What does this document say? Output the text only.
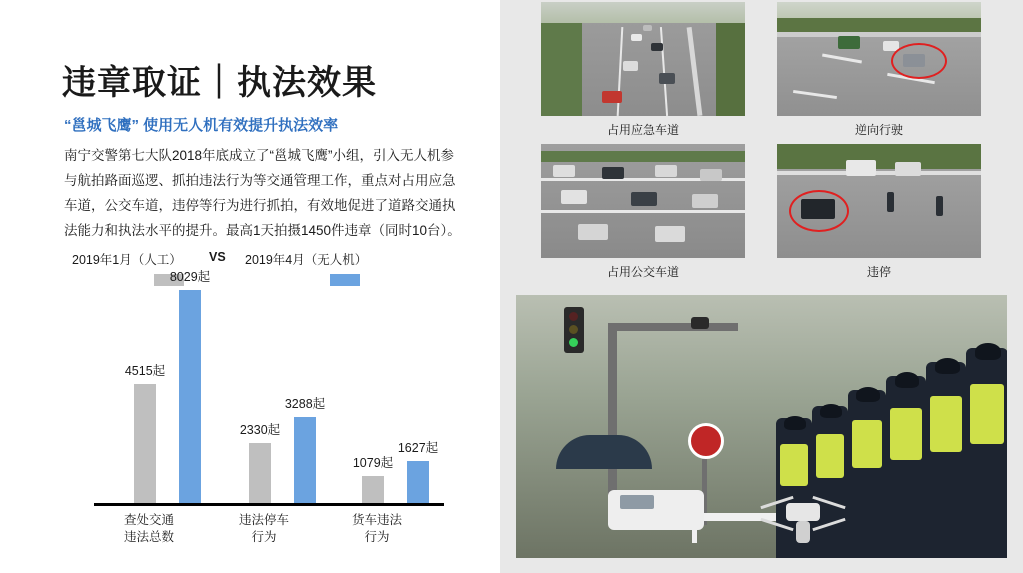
违章取证｜执法效果
“邕城飞鹰” 使用无人机有效提升执法效率

南宁交警第七大队2018年底成立了“邕城飞鹰”小组，引入无人机参与航拍路面巡逻、抓拍违法行为等交通管理工作，重点对占用应急车道，公交车道，违停等行为进行抓拍，有效地促进了道路交通执法能力和执法水平的提升。最高1天拍摄1450件违章（同时10台）。

2019年1月（人工） VS 2019年4月（无人机）
4515起
8029起
2330起
3288起
1079起
1627起
查处交通
违法总数
违法停车
行为
货车违法
行为
占用应急车道	逆向行驶
占用公交车道	违停
